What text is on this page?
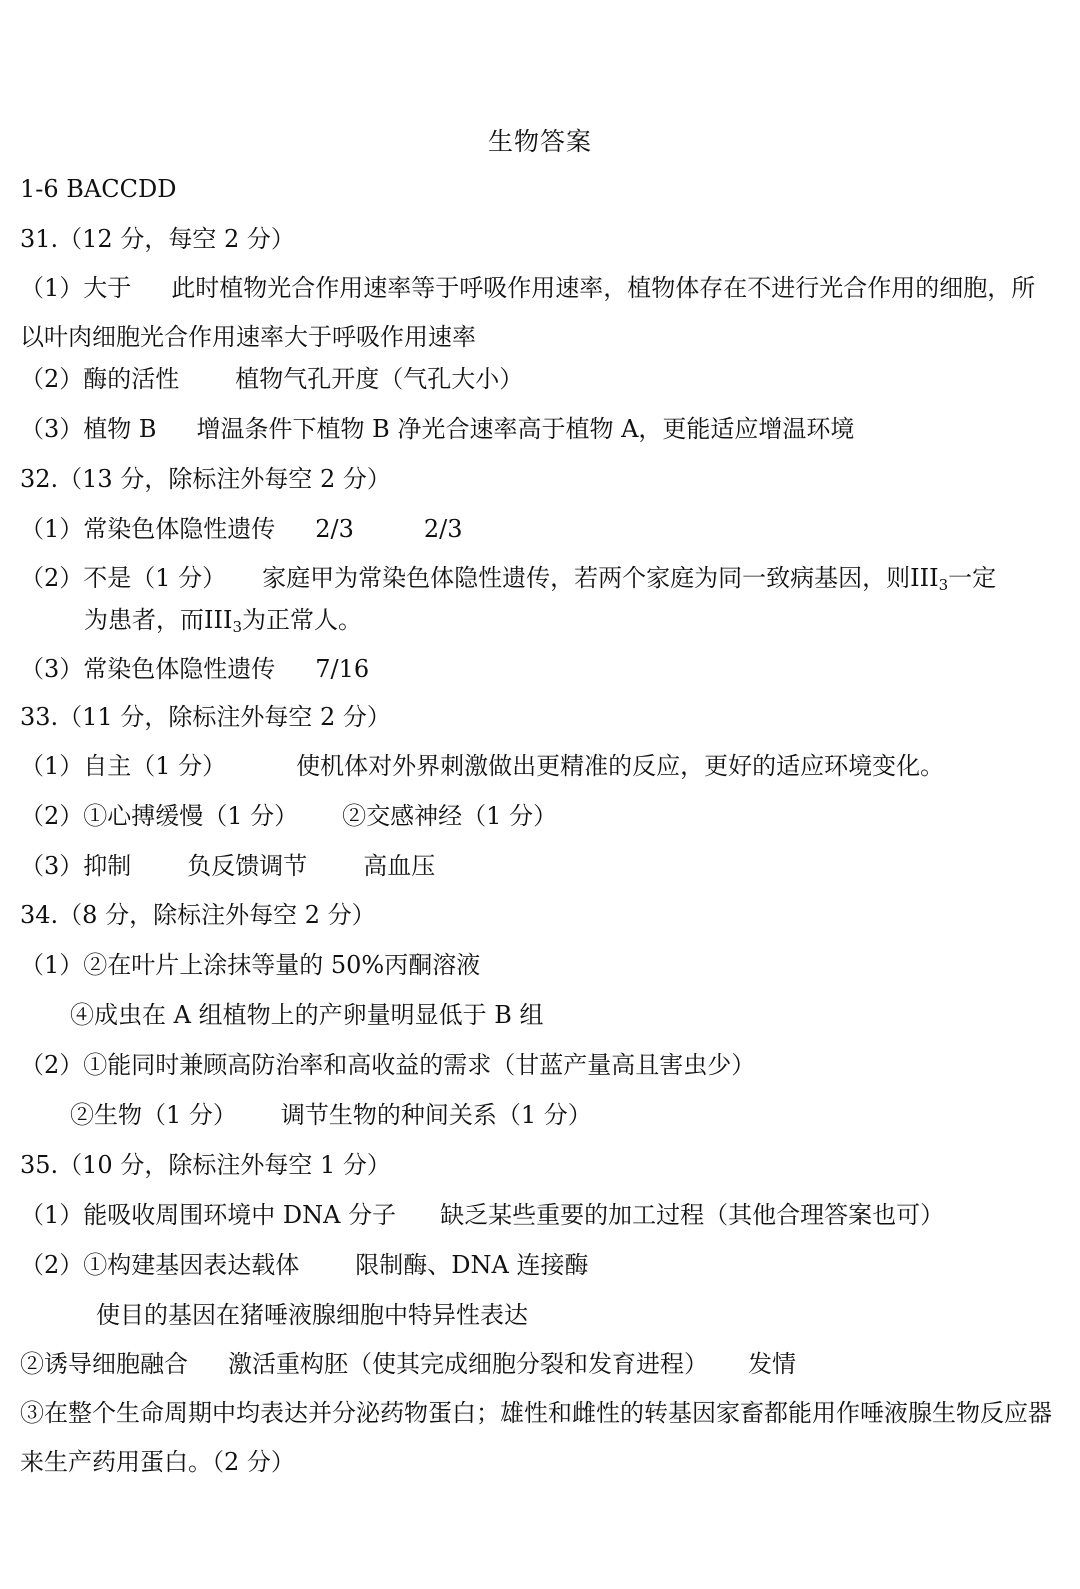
生物答案
1-6 BACCDD
31.（12 分，每空 2 分）
（1）大于 此时植物光合作用速率等于呼吸作用速率，植物体存在不进行光合作用的细胞，所以叶肉细胞光合作用速率大于呼吸作用速率
（2）酶的活性 植物气孔开度（气孔大小）
（3）植物 B 增温条件下植物 B 净光合速率高于植物 A，更能适应增温环境
32.（13 分，除标注外每空 2 分）
（1）常染色体隐性遗传 2/3	2/3
（2）不是（1 分） 家庭甲为常染色体隐性遗传，若两个家庭为同一致病基因，则$III_3$一定
为患者，而$III_3$为正常人。
（3）常染色体隐性遗传 7/16
33.（11 分，除标注外每空 2 分）
（1）自主（1 分）	使机体对外界刺激做出更精准的反应，更好的适应环境变化。
（2）①心搏缓慢（1 分） ②交感神经（1 分）
（3）抑制 负反馈调节 高血压
34.（8 分，除标注外每空 2 分）
（1）②在叶片上涂抹等量的 50%丙酮溶液
④成虫在 A 组植物上的产卵量明显低于 B 组
（2）①能同时兼顾高防治率和高收益的需求（甘蓝产量高且害虫少）
②生物（1 分） 调节生物的种间关系（1 分）
35.（10 分，除标注外每空 1 分）
（1）能吸收周围环境中 DNA 分子 缺乏某些重要的加工过程（其他合理答案也可）
（2）①构建基因表达载体 限制酶、DNA 连接酶
使目的基因在猪唾液腺细胞中特异性表达
②诱导细胞融合 激活重构胚（使其完成细胞分裂和发育进程） 发情
③在整个生命周期中均表达并分泌药物蛋白；雄性和雌性的转基因家畜都能用作唾液腺生物反应器来生产药用蛋白。（2 分）
